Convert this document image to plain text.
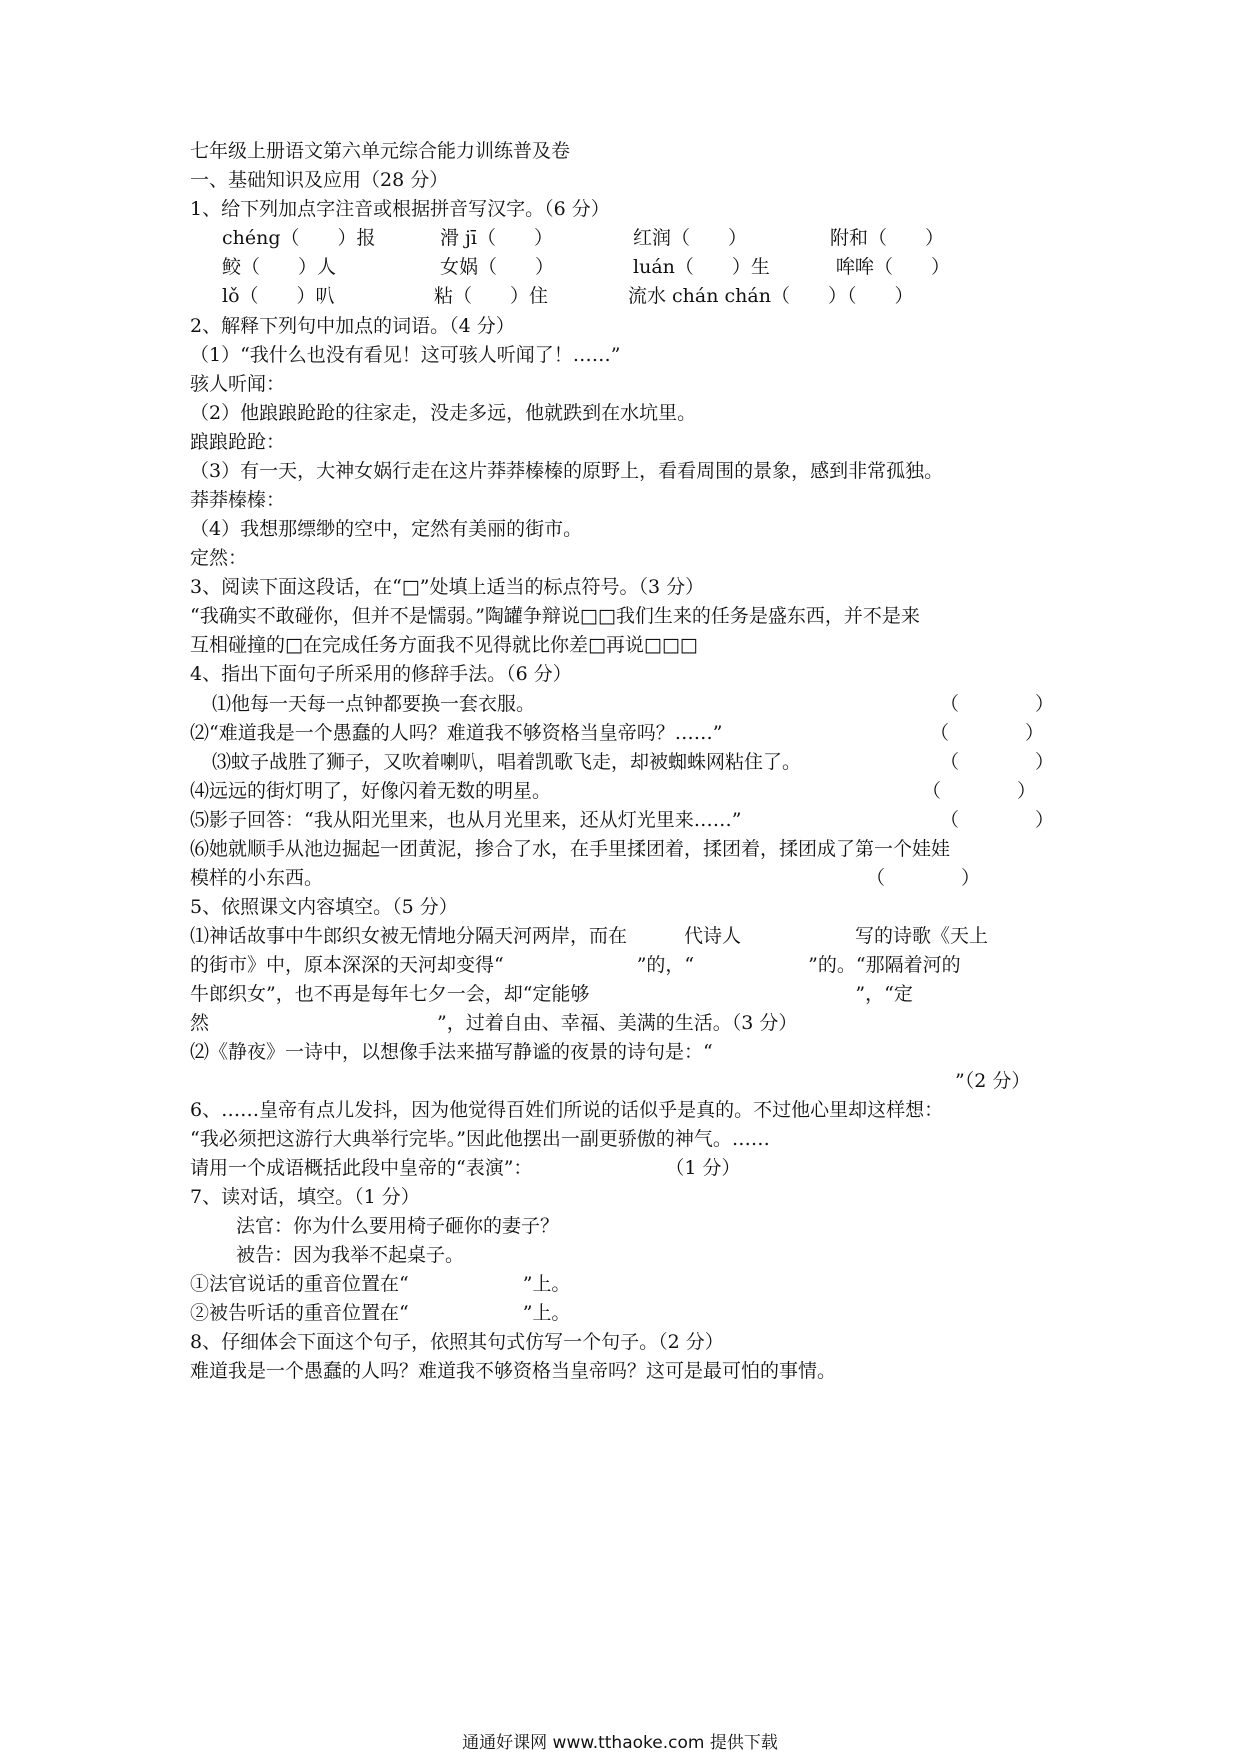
七年级上册语文第六单元综合能力训练普及卷
一、基础知识及应用（28 分）
1、给下列加点字注音或根据拼音写汉字。（6 分）
chéng（　　）报	滑 jī（　　）	红润（　　）	附和（　　）
鲛（　　）人	女娲（　　）	luán（　　）生	哞哞（　　）
lǒ（　　）叭	粘（　　）住	流水 chán chán（　　）（　　）
2、解释下列句中加点的词语。（4 分）
（1）“我什么也没有看见！这可骇人听闻了！……”
骇人听闻：
（2）他踉踉跄跄的往家走，没走多远，他就跌到在水坑里。
踉踉跄跄：
（3）有一天，大神女娲行走在这片莽莽榛榛的原野上，看看周围的景象，感到非常孤独。
莽莽榛榛：
（4）我想那缥缈的空中，定然有美丽的街市。
定然：
3、阅读下面这段话，在“□”处填上适当的标点符号。（3 分）
“我确实不敢碰你，但并不是懦弱。”陶罐争辩说□□我们生来的任务是盛东西，并不是来
互相碰撞的□在完成任务方面我不见得就比你差□再说□□□
4、指出下面句子所采用的修辞手法。（6 分）
⑴他每一天每一点钟都要换一套衣服。	（　　　　）
⑵“难道我是一个愚蠢的人吗？难道我不够资格当皇帝吗？……”	（　　　　）
⑶蚊子战胜了狮子，又吹着喇叭，唱着凯歌飞走，却被蜘蛛网粘住了。	（　　　　）
⑷远远的街灯明了，好像闪着无数的明星。	（　　　　）
⑸影子回答：“我从阳光里来，也从月光里来，还从灯光里来……”	（　　　　）
⑹她就顺手从池边掘起一团黄泥，掺合了水，在手里揉团着，揉团着，揉团成了第一个娃娃
模样的小东西。	（　　　　）
5、依照课文内容填空。（5 分）
⑴神话故事中牛郎织女被无情地分隔天河两岸，而在　　　代诗人　　　　　　写的诗歌《天上
的街市》中，原本深深的天河却变得“　　　　　　　”的，“　　　　　　”的。“那隔着河的
牛郎织女”，也不再是每年七夕一会，却“定能够　　　　　　　　　　　　　　”，“定
然　　　　　　　　　　　　”，过着自由、幸福、美满的生活。（3 分）
⑵《静夜》一诗中，以想像手法来描写静谧的夜景的诗句是：“
”（2 分）
6、……皇帝有点儿发抖，因为他觉得百姓们所说的话似乎是真的。不过他心里却这样想：
“我必须把这游行大典举行完毕。”因此他摆出一副更骄傲的神气。……
请用一个成语概括此段中皇帝的“表演”：　　　　　　　　（1 分）
7、读对话，填空。（1 分）
法官：你为什么要用椅子砸你的妻子？
被告：因为我举不起桌子。
①法官说话的重音位置在“　　　　　　”上。
②被告听话的重音位置在“　　　　　　”上。
8、仔细体会下面这个句子，依照其句式仿写一个句子。（2 分）
难道我是一个愚蠢的人吗？难道我不够资格当皇帝吗？这可是最可怕的事情。
通通好课网 www.tthaoke.com 提供下载
